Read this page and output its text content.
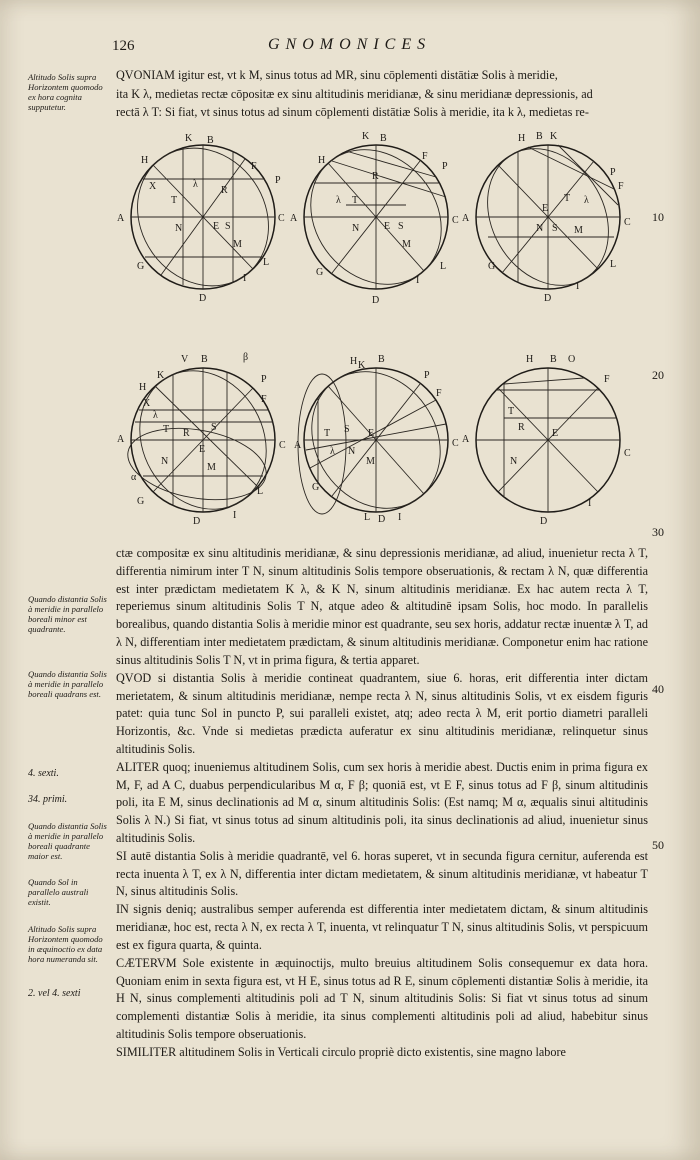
126	GNOMONICES
Altitudo Solis supra Horizontem quomodo ex hora cognita supputetur.
Quando distantia Solis à meridie in parallelo boreali minor est quadrante.
Quando distantia Solis à meridie in parallelo boreali quadrans est.
4. sexti.
34. primi.
Quando distantia Solis à meridie in parallelo boreali quadrante maior est.
Quando Sol in parallelo australi existit.
Altitudo Solis supra Horizontem quomodo in æquinoctio ex data hora numeranda sit.
2. vel 4. sexti
10
20
30
40
50
QVONIAM igitur est, vt k M, sinus totus ad MR, sinu cōplementi distātiæ Solis à meridie,
ita K λ, medietas rectæ cōpositæ ex sinu altitudinis meridianæ, & sinu meridianæ depressionis, ad
rectā λ T: Si fiat, vt sinus totus ad sinum cōplementi distātiæ Solis à meridie, ita k λ, medietas re-
K B
H
F
P
A	C
T
R
E S
N
M
L
G
I
D
λ
X
K B
H	F
P
A	C
T
R
E
N	S
M
L
G
I
D
λ
H B K
P
F
A	C
E
T
N S M
L
G
I
D
λ
V B	β
K
H
P
F
A
C
T R
S
E
M
N
α
L
G
I
D
λ
X
H B
K
P
F
A	C
T	E
S
N
M
G
L	I
D
λ
H B O
F
A
C
T
R
E
N
D
I

ctæ compositæ ex sinu altitudinis meridianæ, & sinu depressionis meridianæ, ad aliud, inuenietur recta λ T, differentia nimirum inter T N, sinum altitudinis Solis tempore obseruationis, & rectam λ N, quæ differentia est inter prædictam medietatem K λ, & K N, sinum altitudinis meridianæ. Ex hac autem recta λ T, reperiemus sinum altitudinis Solis T N, atque adeo & altitudinē ipsam Solis, hoc modo. In parallelis borealibus, quando distantia Solis à meridie minor est quadrante, seu sex horis, addatur rectæ inuentæ λ T, ad λ N, differentiam inter medietatem prædictam, & sinum altitudinis meridianæ. Componetur enim hac ratione sinus altitudinis Solis T N, vt in prima figura, & tertia apparet.

QVOD si distantia Solis à meridie contineat quadrantem, siue 6. horas, erit differentia inter dictam merietatem, & sinum altitudinis meridianæ, nempe recta λ N, sinus altitudinis Solis, vt ex eisdem figuris patet: quia tunc Sol in puncto P, sui paralleli existet, atq; adeo recta λ M, erit portio diametri paralleli Horizontis, &c. Vnde si medietas prædicta auferatur ex sinu altitudinis meridianæ, relinquetur sinus altitudinis Solis.

ALITER quoq; inueniemus altitudinem Solis, cum sex horis à meridie abest. Ductis enim in prima figura ex M, F, ad A C, duabus perpendicularibus M α, F β; quoniā est, vt E F, sinus totus ad F β, sinum altitudinis poli, ita E M, sinus declinationis ad M α, sinum altitudinis Solis: (Est namq; M α, æqualis sinui altitudinis Solis λ N.) Si fiat, vt sinus totus ad sinum altitudinis poli, ita sinus declinationis ad aliud, inuenietur sinus altitudinis Solis.

SI autē distantia Solis à meridie quadrantē, vel 6. horas superet, vt in secunda figura cernitur, auferenda est recta inuenta λ T, ex λ N, differentia inter dictam medietatem, & sinum altitudinis meridianæ, vt habeatur T N, sinus altitudinis Solis.

IN signis deniq; australibus semper auferenda est differentia inter medietatem dictam, & sinum altitudinis meridianæ, hoc est, recta λ N, ex recta λ T, inuenta, vt relinquatur T N, sinus altitudinis Solis, vt perspicuum est ex figura quarta, & quinta.

CÆTERVM Sole existente in æquinoctijs, multo breuius altitudinem Solis consequemur ex data hora. Quoniam enim in sexta figura est, vt H E, sinus totus ad R E, sinum cōplementi distantiæ Solis à meridie, ita H N, sinus complementi altitudinis poli ad T N, sinum altitudinis Solis: Si fiat vt sinus totus ad sinum complementi distantiæ Solis à meridie, ita sinus complementi altitudinis poli ad aliud, habebitur sinus altitudinis Solis tempore obseruationis.

SIMILITER altitudinem Solis in Verticali circulo propriè dicto existentis, sine magno labore
